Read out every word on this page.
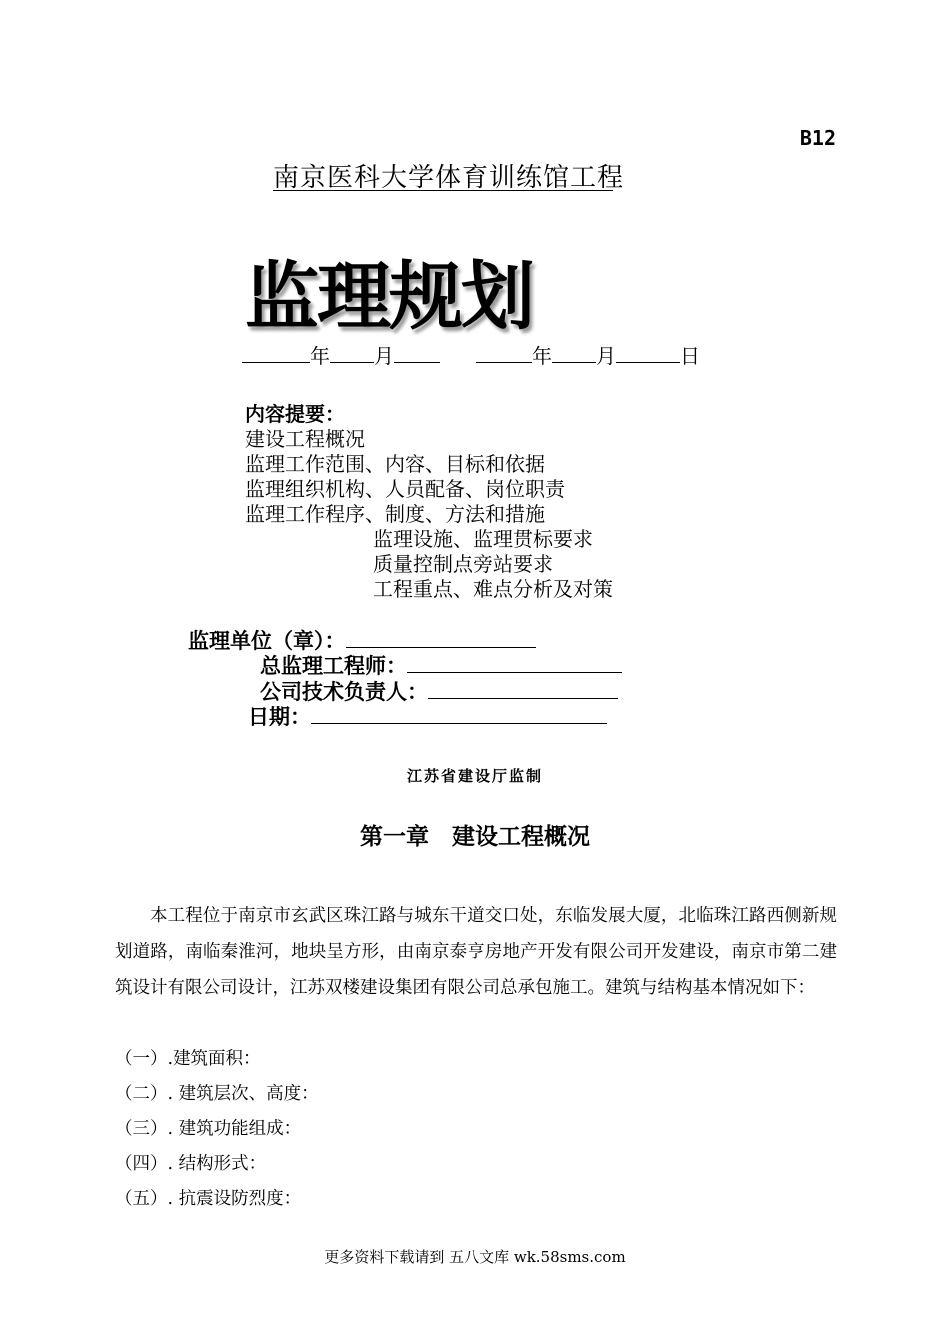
B12
南京医科大学体育训练馆工程
监理规划
年 月	年 月	日
内容提要：
建设工程概况
监理工作范围、内容、目标和依据
监理组织机构、人员配备、岗位职责
监理工作程序、制度、方法和措施
监理设施、监理贯标要求
质量控制点旁站要求
工程重点、难点分析及对策
监理单位（章）：
总监理工程师：
公司技术负责人：
日期：
江苏省建设厅监制
第一章　建设工程概况
本工程位于南京市玄武区珠江路与城东干道交口处，东临发展大厦，北临珠江路西侧新规划道路，南临秦淮河，地块呈方形，由南京泰亨房地产开发有限公司开发建设，南京市第二建筑设计有限公司设计，江苏双楼建设集团有限公司总承包施工。建筑与结构基本情况如下：
（一）.建筑面积：
（二）. 建筑层次、高度：
（三）. 建筑功能组成：
（四）. 结构形式：
（五）. 抗震设防烈度：
更多资料下载请到 五八文库 wk.58sms.com
